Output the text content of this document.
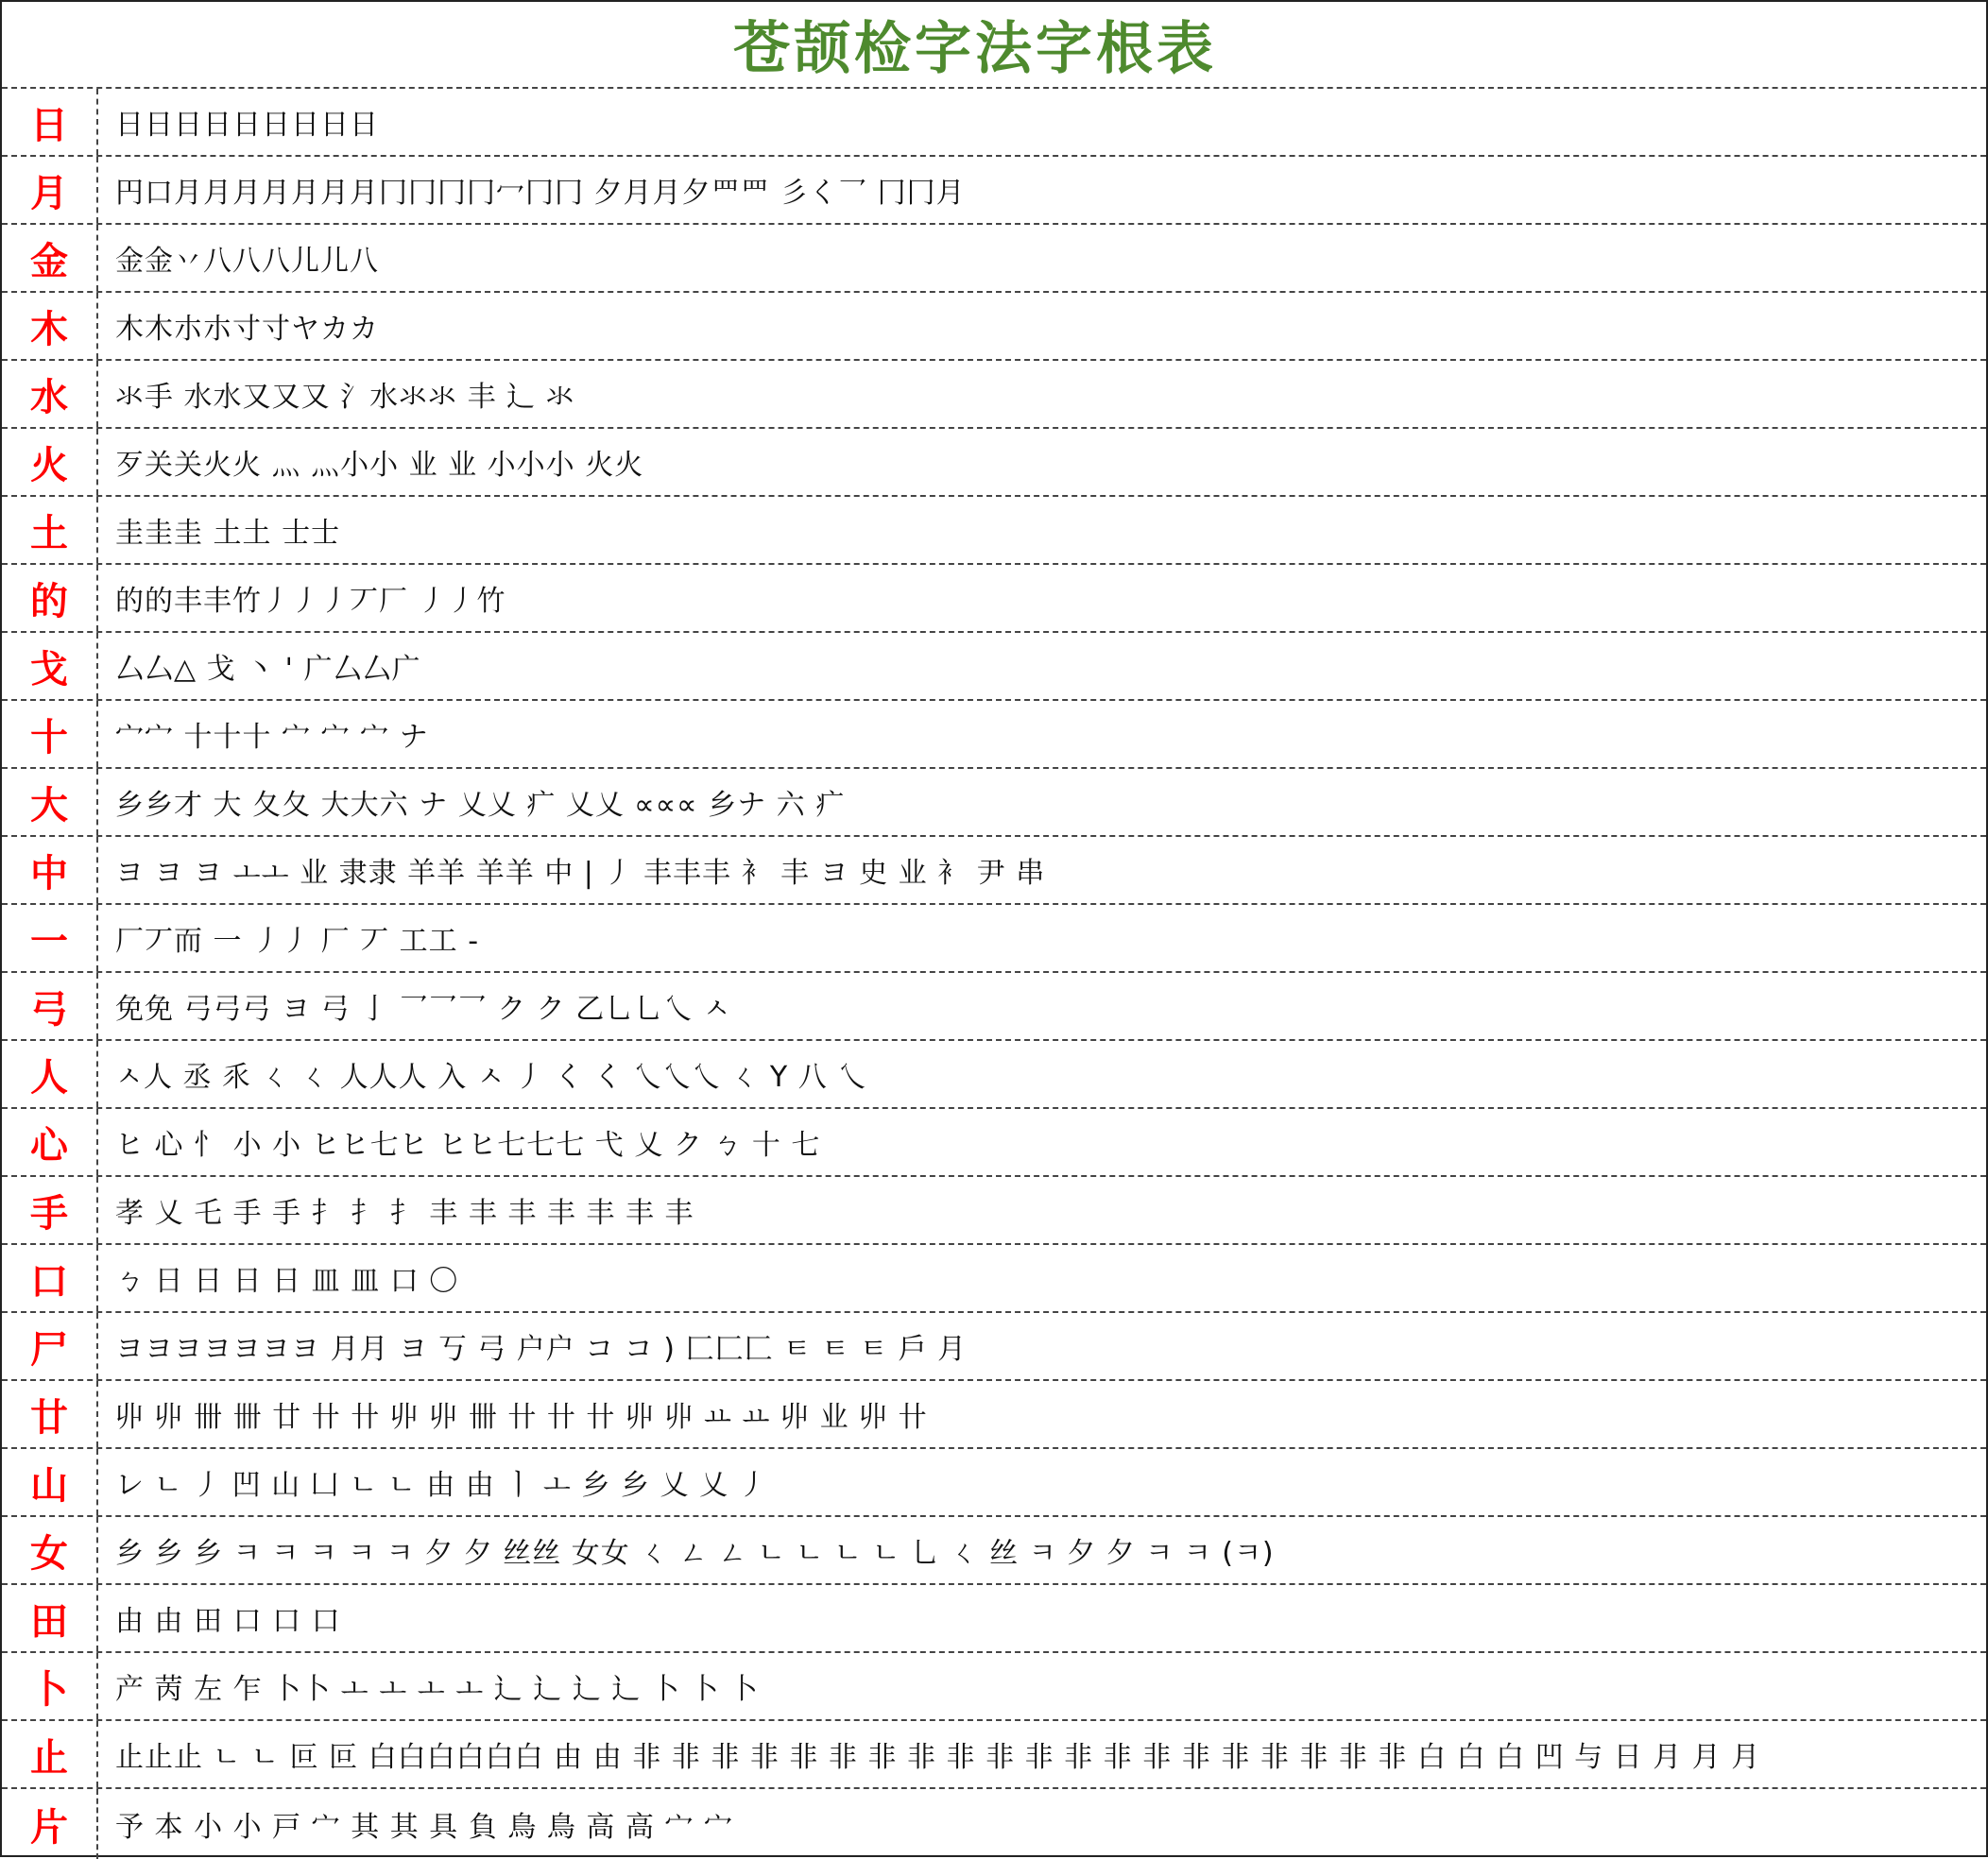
苍颉检字法字根表
日	日日日日日日日日日
月	円口月月月月月月月冂冂冂冂冖冂冂 夕月月夕罒罒 彡く乛 冂冂月
金	金金丷八八八儿儿八
木	木木朩朩寸寸ヤカカ
水	氺手 水水又又又 氵水氺氺 丰 辶 氺
火	歹关关火火 灬 灬小小 业 业 小小小 火火
土	圭圭圭 土土 士士
的	的的丰丰竹丿丿丿丆厂 丿丿竹
戈	厶厶△ 戈 丶 ' 广厶厶广
十	宀宀 十十十 宀 宀 宀 ナ
大	乡乡才 大 夂夂 大大六 ナ 乂乂 疒 乂乂 ∝∝∝ 乡ナ 六 疒
中	ヨ ヨ ヨ ㅗㅗ 业 隶隶 羊羊 羊羊 中 | 丿 丰丰丰 衤 丰 ヨ 史 业 衤 尹 串
一	厂丆而 一 丿丿 厂 丆 工工 -
弓	免免 弓弓弓 ヨ 弓 亅 乛乛乛 ク ク 乙乚乚乀 ㅅ
人	ㅅ人 丞 乑 ㄑ ㄑ 人人人 入 ㅅ 丿 く く 乀乀乀 ㄑ Y 八 乀
心	ヒ 心 忄 小 小 ヒヒ七ヒ ヒヒ七七七 弋 乂 ク ㄅ 十 七
手	孝 乂 乇 手 手 扌 扌 扌 丰 丰 丰 丰 丰 丰 丰
口	ㄅ 日 日 日 日 皿 皿 口 〇
尸	ヨヨヨヨヨヨヨ 月月 ヨ 丂 弓 户户 コ コ ) 匚匚匚 ㅌ ㅌ ㅌ 戶 月
廿	丱 丱 卌 卌 廿 卄 卄 丱 丱 卌 卄 卄 卄 丱 丱 ㅛ ㅛ 丱 业 丱 卄
山	レ ㄴ 丿 凹 山 凵 ㄴ ㄴ 由 由 ㅣ ㅗ 乡 乡 乂 乂 丿
女	乡 乡 乡 ㅋ ㅋ ㅋ ㅋ ㅋ 夕 夕 丝丝 女女 ㄑ ㄥ ㄥ ㄴ ㄴ ㄴ ㄴ 乚 ㄑ 丝 ㅋ 夕 夕 ㅋ ㅋ (ㅋ)
田	由 由 田 口 口 口
卜	产 苪 左 乍 卜卜 ㅗ ㅗ ㅗ ㅗ 辶 辶 辶 辶 卜 卜 卜
止	止止止 ㄴ ㄴ 叵 叵 白白白白白白 由 由 非 非 非 非 非 非 非 非 非 非 非 非 非 非 非 非 非 非 非 非 白 白 白 凹 与 日 月 月 月
片	予 本 小 小 戸 宀 其 其 具 負 鳥 鳥 高 高 宀 宀
